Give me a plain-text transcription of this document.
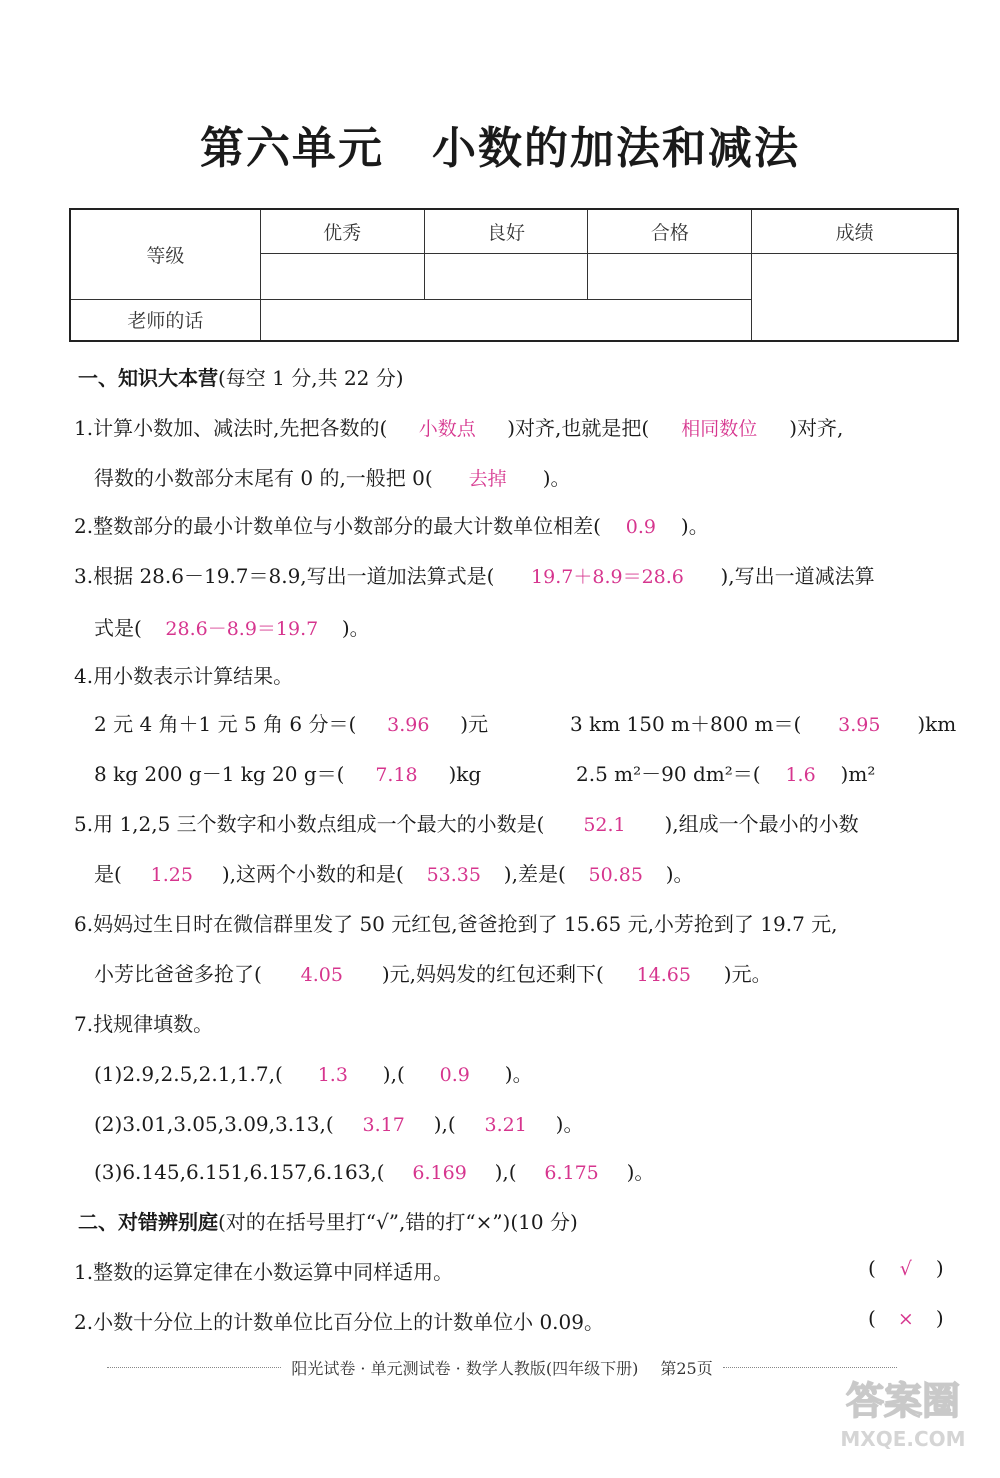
第六单元 小数的加法和减法
等级	优秀	良好	合格	成绩

老师的话				
一、知识大本营(每空 1 分,共 22 分)
1.计算小数加、减法时,先把各数的( 小数点 )对齐,也就是把( 相同数位 )对齐,
得数的小数部分末尾有 0 的,一般把 0( 去掉 )。
2.整数部分的最小计数单位与小数部分的最大计数单位相差( 0.9 )。
3.根据 28.6－19.7＝8.9,写出一道加法算式是( 19.7＋8.9＝28.6 ),写出一道减法算
式是( 28.6－8.9＝19.7 )。
4.用小数表示计算结果。
2 元 4 角＋1 元 5 角 6 分＝( 3.96 )元	3 km 150 m＋800 m＝( 3.95 )km
8 kg 200 g－1 kg 20 g＝( 7.18 )kg	2.5 m²－90 dm²＝( 1.6 )m²
5.用 1,2,5 三个数字和小数点组成一个最大的小数是( 52.1 ),组成一个最小的小数
是( 1.25 ),这两个小数的和是( 53.35 ),差是( 50.85 )。
6.妈妈过生日时在微信群里发了 50 元红包,爸爸抢到了 15.65 元,小芳抢到了 19.7 元,
小芳比爸爸多抢了( 4.05 )元,妈妈发的红包还剩下( 14.65 )元。
7.找规律填数。
(1)2.9,2.5,2.1,1.7,( 1.3 ),( 0.9 )。
(2)3.01,3.05,3.09,3.13,( 3.17 ),( 3.21 )。
(3)6.145,6.151,6.157,6.163,( 6.169 ),( 6.175 )。
二、对错辨别庭(对的在括号里打“√”,错的打“×”)(10 分)
1.整数的运算定律在小数运算中同样适用。	( √ )
2.小数十分位上的计数单位比百分位上的计数单位小 0.09。	( × )
阳光试卷 · 单元测试卷 · 数学人教版(四年级下册) 第25页
答案圈
MXQE.COM
